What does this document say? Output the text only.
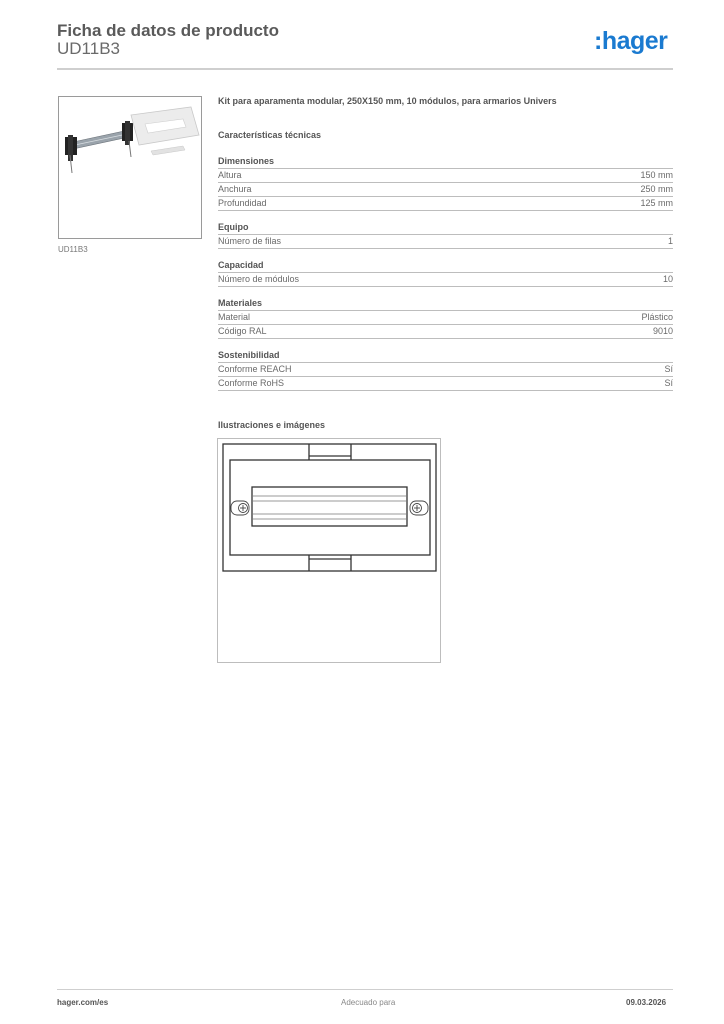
Ficha de datos de producto
UD11B3	:hager
UD11B3
Kit para aparamenta modular, 250X150 mm, 10 módulos, para armarios Univers
Características técnicas
Dimensiones
Altura	150 mm
Anchura	250 mm
Profundidad	125 mm
Equipo
Número de filas	1
Capacidad
Número de módulos	10
Materiales
Material	Plástico
Código RAL	9010
Sostenibilidad
Conforme REACH	Sí
Conforme RoHS	Sí
Ilustraciones e imágenes
hager.com/es	Adecuado para	09.03.2026
